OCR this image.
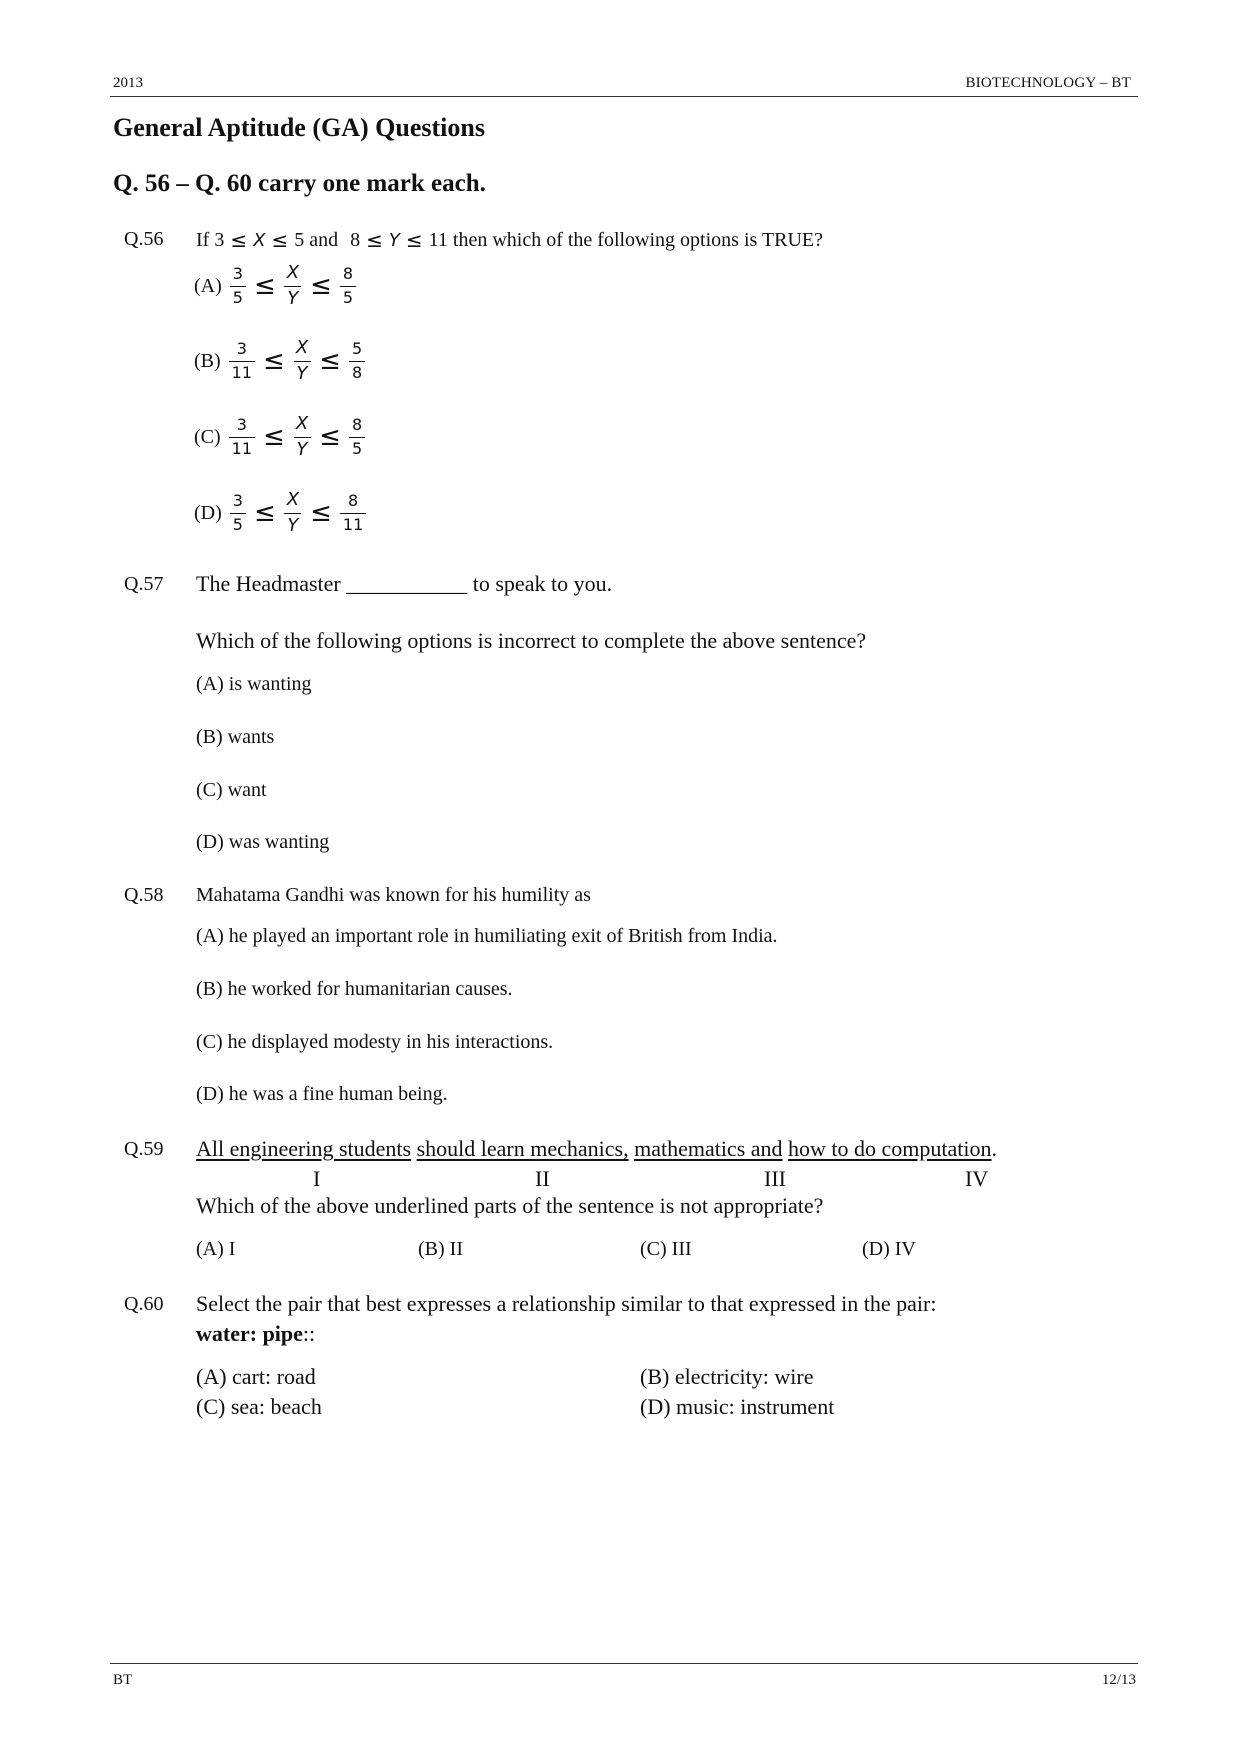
2013	BIOTECHNOLOGY – BT
BT	12/13
General Aptitude (GA) Questions
Q. 56 – Q. 60 carry one mark each.
Q.56 If 3 ≤ X ≤ 5 and 8 ≤ Y ≤ 11 then which of the following options is TRUE?
$(A) \frac{3}{5} \le \frac{X}{Y} \le \frac{8}{5}$
$(B) \frac{3}{11} \le \frac{X}{Y} \le \frac{5}{8}$
$(C) \frac{3}{11} \le \frac{X}{Y} \le \frac{8}{5}$
$(D) \frac{3}{5} \le \frac{X}{Y} \le \frac{8}{11}$
Q.57 The Headmaster ___________ to speak to you.
Which of the following options is incorrect to complete the above sentence?
(A) is wanting
(B) wants
(C) want
(D) was wanting
Q.58 Mahatama Gandhi was known for his humility as
(A) he played an important role in humiliating exit of British from India.
(B) he worked for humanitarian causes.
(C) he displayed modesty in his interactions.
(D) he was a fine human being.
Q.59 All engineering students should learn mechanics, mathematics and how to do computation.
I	II	III	IV
Which of the above underlined parts of the sentence is not appropriate?
(A) I	(B) II	(C) III	(D) IV
Q.60 Select the pair that best expresses a relationship similar to that expressed in the pair:
water: pipe::
(A) cart: road	(B) electricity: wire
(C) sea: beach	(D) music: instrument
